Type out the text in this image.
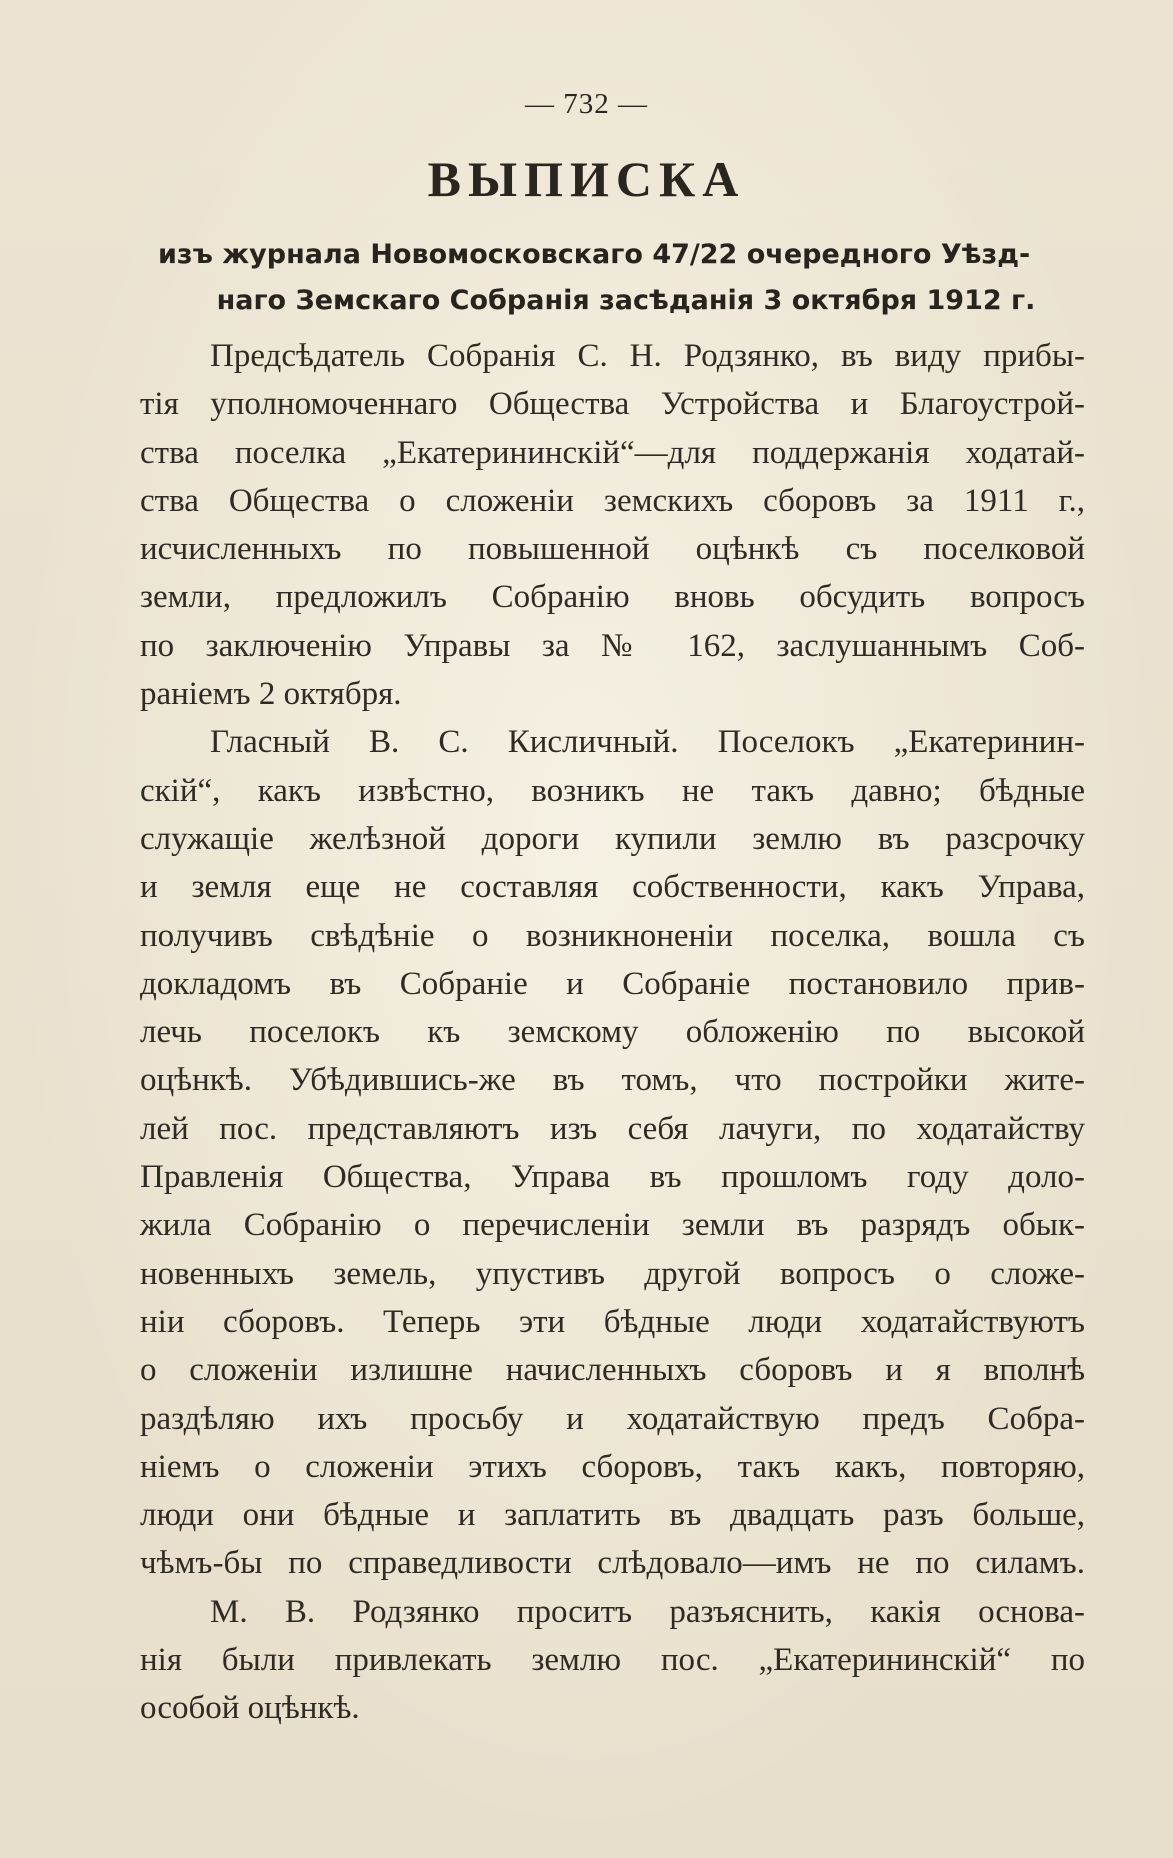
— 732 —
ВЫПИСКА
изъ журнала Новомосковскаго 47/22 очередного Уѣзд-
наго Земскаго Собранія засѣданія 3 октября 1912 г.
Предсѣдатель Собранія С. Н. Родзянко, въ виду прибы-
тія уполномоченнаго Общества Устройства и Благоустрой-
ства поселка „Екатерининскій“—для поддержанія ходатай-
ства Общества о сложеніи земскихъ сборовъ за 1911 г.,
исчисленныхъ по повышенной оцѣнкѣ съ поселковой
земли, предложилъ Собранію вновь обсудить вопросъ
по заключенію Управы за № 162, заслушаннымъ Соб-
раніемъ 2 октября.
Гласный В. С. Кисличный. Поселокъ „Екатеринин-
скій“, какъ извѣстно, возникъ не такъ давно; бѣдные
служащіе желѣзной дороги купили землю въ разсрочку
и земля еще не составляя собственности, какъ Управа,
получивъ свѣдѣніе о возникноненіи поселка, вошла съ
докладомъ въ Собраніе и Собраніе постановило прив-
лечь поселокъ къ земскому обложенію по высокой
оцѣнкѣ. Убѣдившись-же въ томъ, что постройки жите-
лей пос. представляютъ изъ себя лачуги, по ходатайству
Правленія Общества, Управа въ прошломъ году доло-
жила Собранію о перечисленіи земли въ разрядъ обык-
новенныхъ земель, упустивъ другой вопросъ о сложе-
ніи сборовъ. Теперь эти бѣдные люди ходатайствуютъ
о сложеніи излишне начисленныхъ сборовъ и я вполнѣ
раздѣляю ихъ просьбу и ходатайствую предъ Собра-
ніемъ о сложеніи этихъ сборовъ, такъ какъ, повторяю,
люди они бѣдные и заплатить въ двадцать разъ больше,
чѣмъ-бы по справедливости слѣдовало—имъ не по силамъ.
М. В. Родзянко проситъ разъяснить, какія основа-
нія были привлекать землю пос. „Екатерининскій“ по
особой оцѣнкѣ.
